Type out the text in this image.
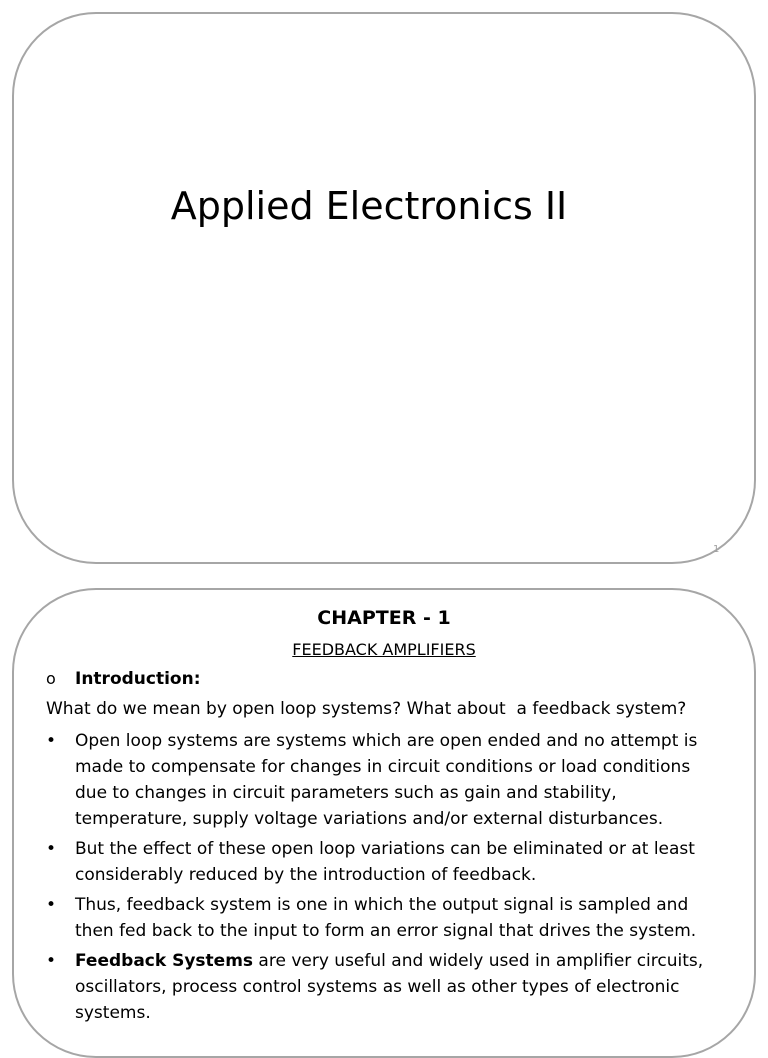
Applied Electronics II
1
CHAPTER - 1
FEEDBACK AMPLIFIERS
o Introduction:
What do we mean by open loop systems? What about  a feedback system?
• Open loop systems are systems which are open ended and no attempt is made to compensate for changes in circuit conditions or load conditions due to changes in circuit parameters such as gain and stability, temperature, supply voltage variations and/or external disturbances.
• But the effect of these open loop variations can be eliminated or at least considerably reduced by the introduction of feedback.
• Thus, feedback system is one in which the output signal is sampled and then fed back to the input to form an error signal that drives the system.
• Feedback Systems are very useful and widely used in amplifier circuits, oscillators, process control systems as well as other types of electronic systems.
